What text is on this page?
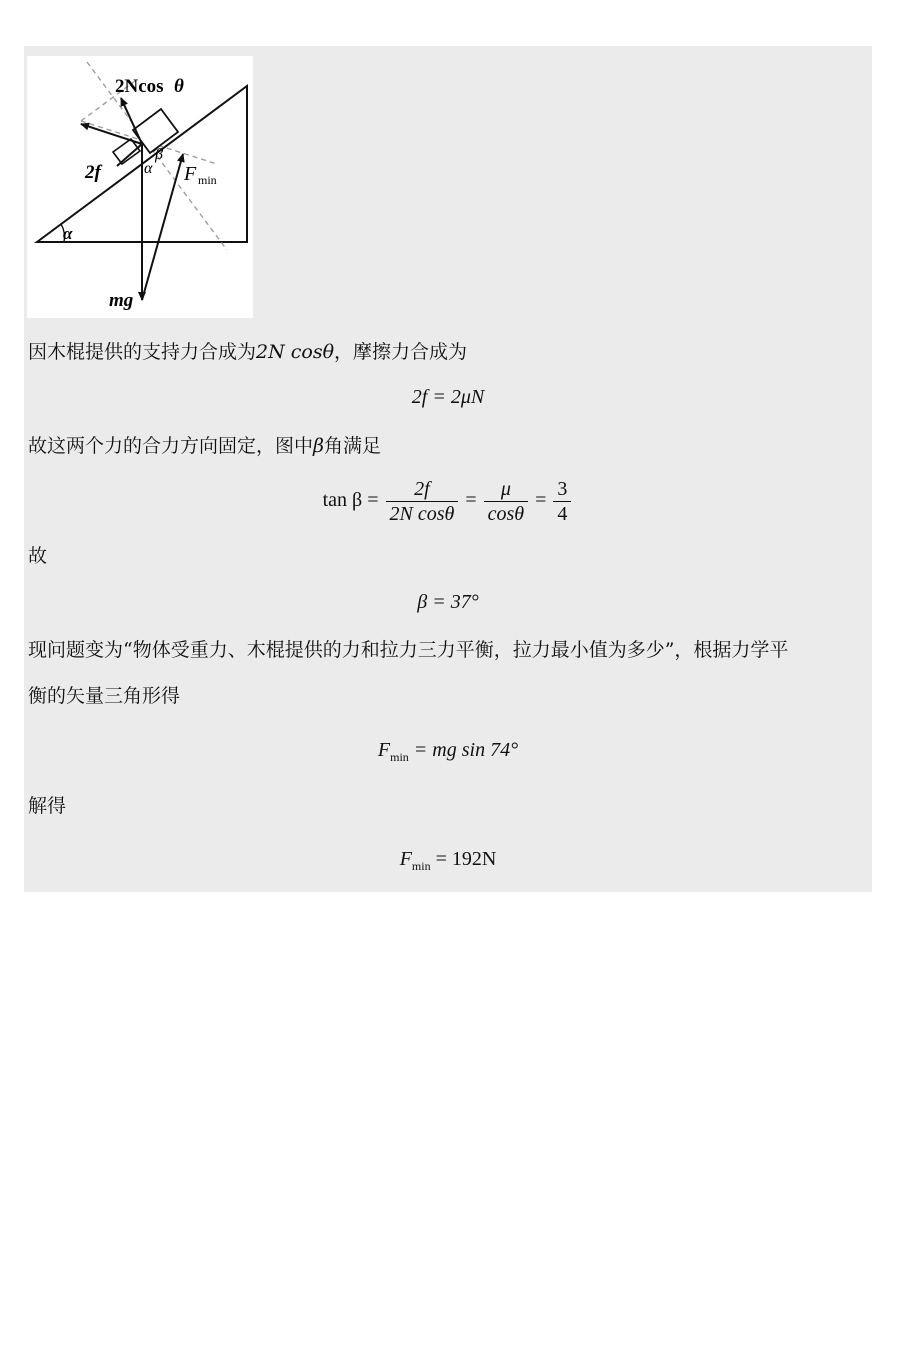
2Ncos θ
2f	α
β
α
F min
mg
因木棍提供的支持力合成为2N cosθ，摩擦力合成为
2f = 2μN
故这两个力的合力方向固定，图中β角满足
$\tan \beta = \frac{2f}{\text{2N cosθ}} = \frac{\mu}{\cos\theta} = \frac{3}{4}$
故
β = 37°
现问题变为“物体受重力、木棍提供的力和拉力三力平衡，拉力最小值为多少”，根据力学平
衡的矢量三角形得
$F_{min}$ = mg sin 74°
解得
$F_{min} = 192N$
